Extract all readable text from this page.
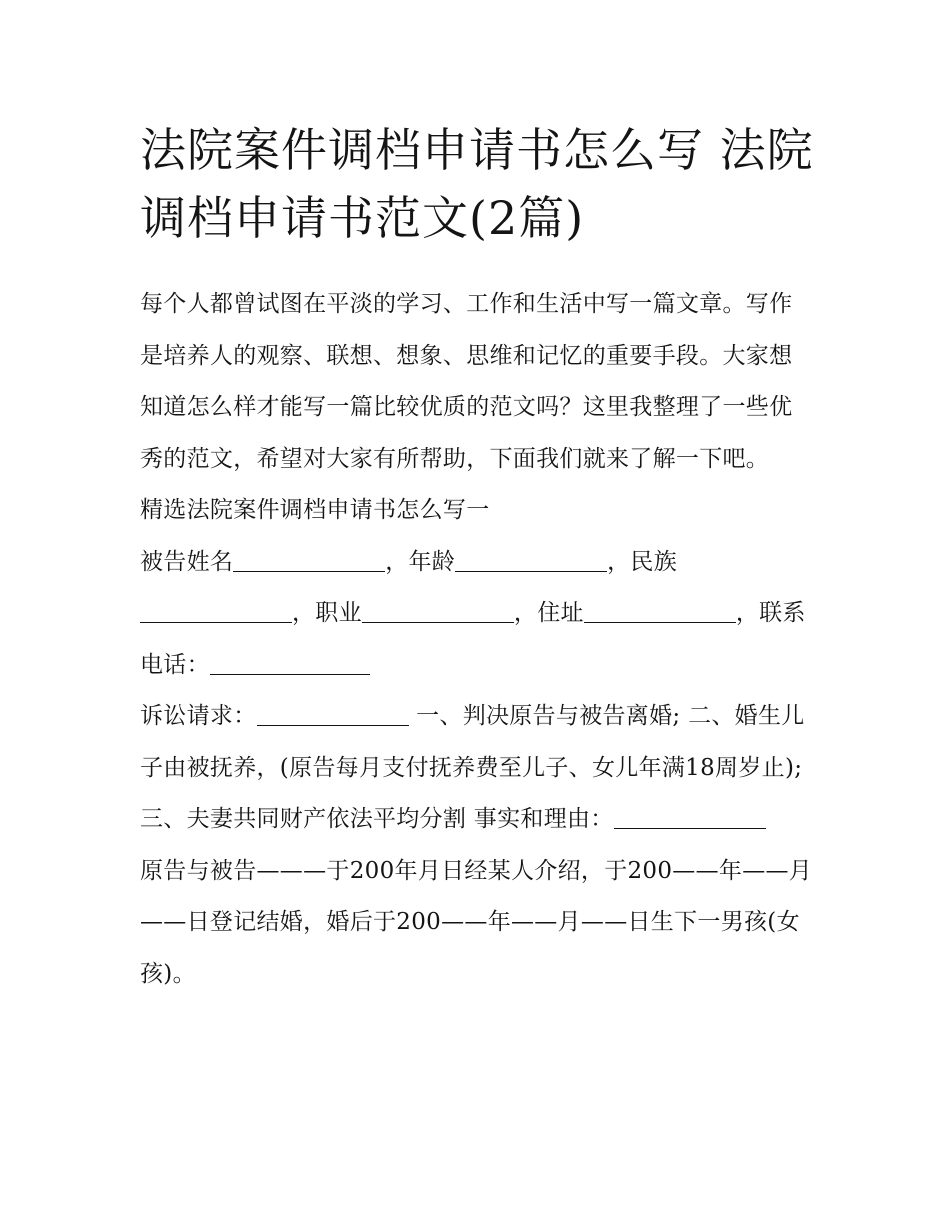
法院案件调档申请书怎么写 法院调档申请书范文(2篇)

每个人都曾试图在平淡的学习、工作和生活中写一篇文章。写作是培养人的观察、联想、想象、思维和记忆的重要手段。大家想知道怎么样才能写一篇比较优质的范文吗？这里我整理了一些优秀的范文，希望对大家有所帮助，下面我们就来了解一下吧。

精选法院案件调档申请书怎么写一

被告姓名	，年龄	，民族，职业	，住址	，联系电话：

诉讼请求：	一、判决原告与被告离婚; 二、婚生儿子由被抚养，(原告每月支付抚养费至儿子、女儿年满18周岁止);

三、夫妻共同财产依法平均分割 事实和理由：

原告与被告———于200年月日经某人介绍，于200——年——月——日登记结婚，婚后于200——年——月——日生下一男孩(女孩)。
